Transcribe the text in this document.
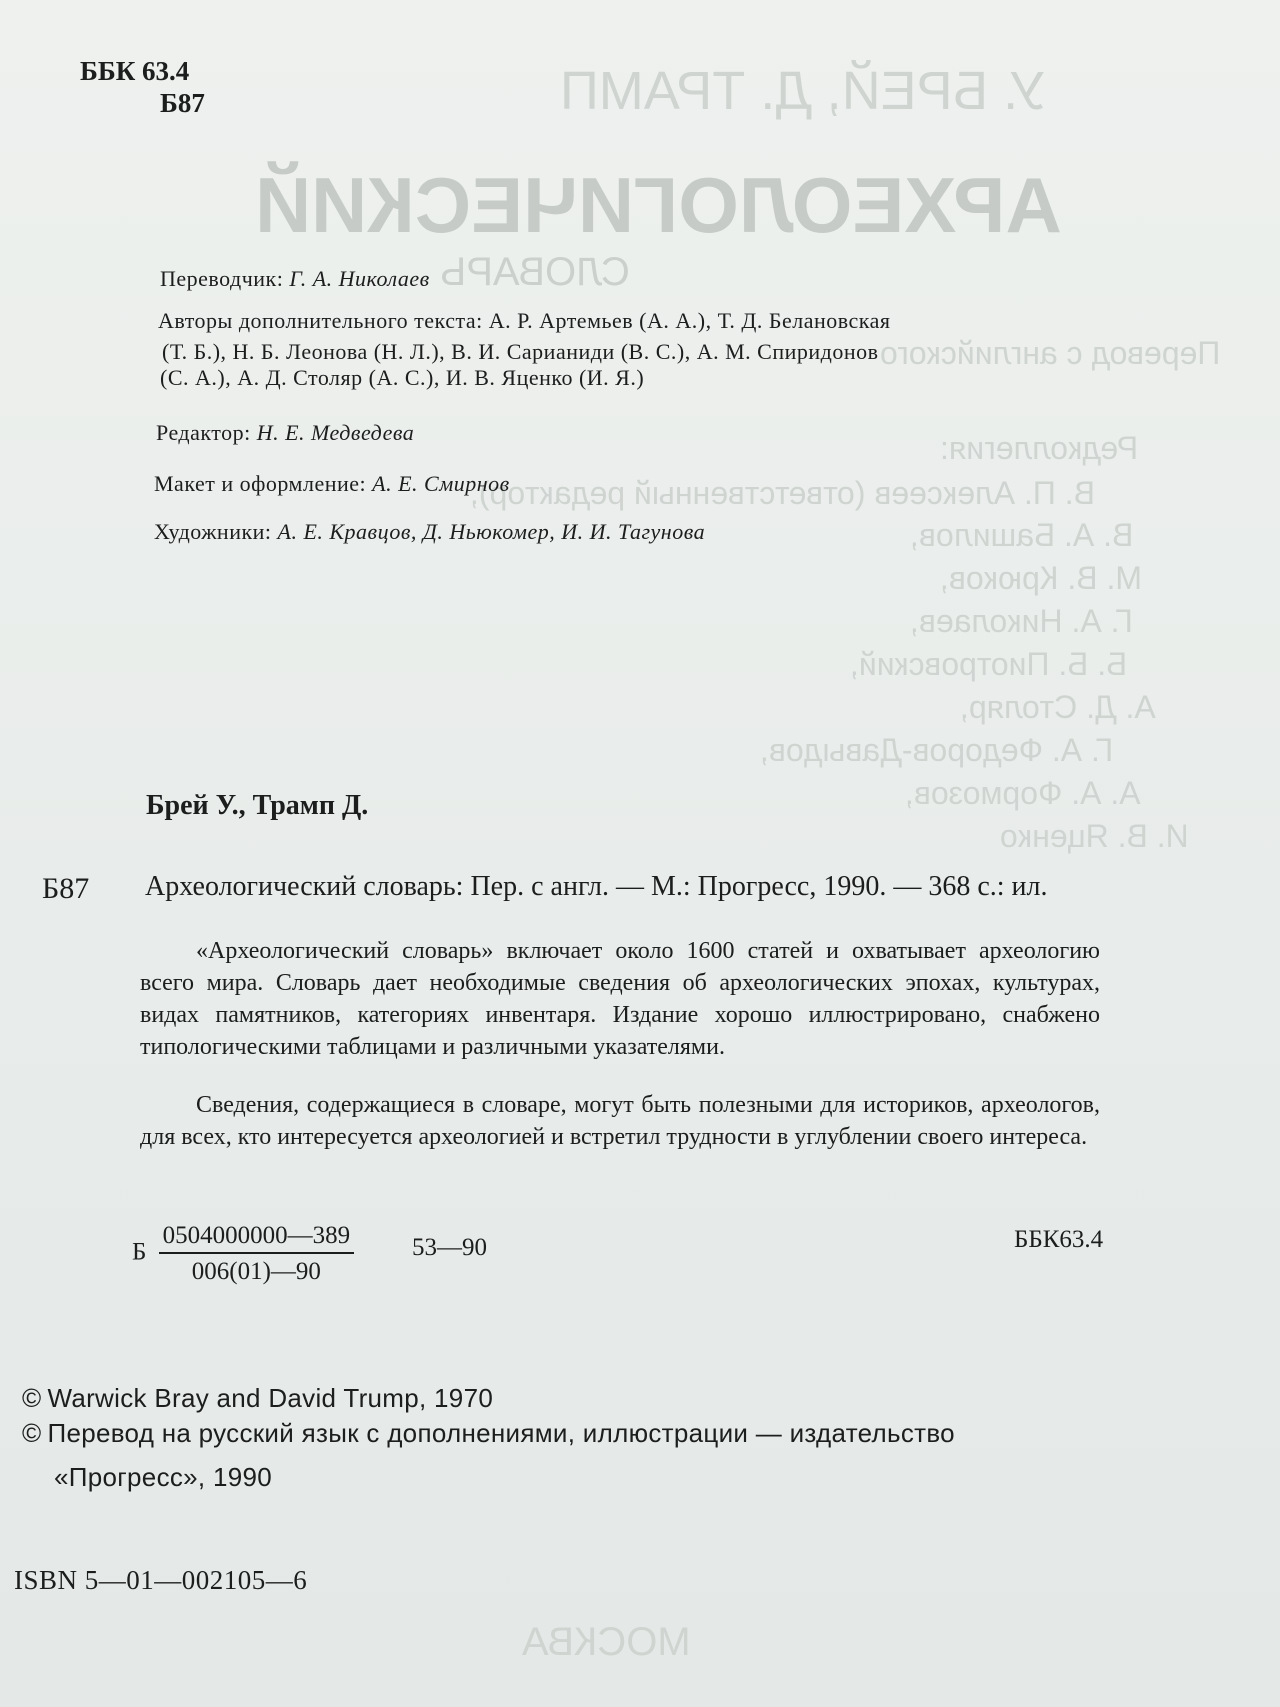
У. БРЕЙ, Д. ТРАМП
АРХЕОЛОГИЧЕСКИЙ
СЛОВАРЬ
Перевод с английского
Редколлегия:
В. П. Алексеев (ответственный редактор),
В. А. Башилов,
М. В. Крюков,
Г. А. Николаев,
Б. Б. Пиотровский,
А. Д. Столяр,
Г. А. Федоров-Давыдов,
А. А. Формозов,
И. В. Яценко
МОСКВА
ББК 63.4
Б87
Переводчик: Г. А. Николаев
Авторы дополнительного текста: А. Р. Артемьев (А. А.), Т. Д. Белановская
(Т. Б.), Н. Б. Леонова (Н. Л.), В. И. Сарианиди (В. С.), А. М. Спиридонов
(С. А.), А. Д. Столяр (А. С.), И. В. Яценко (И. Я.)
Редактор: Н. Е. Медведева
Макет и оформление: А. Е. Смирнов
Художники: А. Е. Кравцов, Д. Ньюкомер, И. И. Тагунова
Брей У., Трамп Д.
Б87 Археологический словарь: Пер. с англ. — М.: Прогресс, 1990. — 368 с.: ил.
«Археологический словарь» включает около 1600 статей и охватывает археологию всего мира. Словарь дает необходимые сведения об археологических эпохах, культурах, видах памятников, категориях инвентаря. Издание хорошо иллюстрировано, снабжено типологическими таблицами и различными указателями.
Сведения, содержащиеся в словаре, могут быть полезными для историков, археологов, для всех, кто интересуется археологией и встретил трудности в углублении своего интереса.
Б $\frac{0504000000—389}{006(01)—90}$ 53—90	ББК63.4
© Warwick Bray and David Trump, 1970
© Перевод на русский язык с дополнениями, иллюстрации — издательство
«Прогресс», 1990
ISBN 5—01—002105—6
